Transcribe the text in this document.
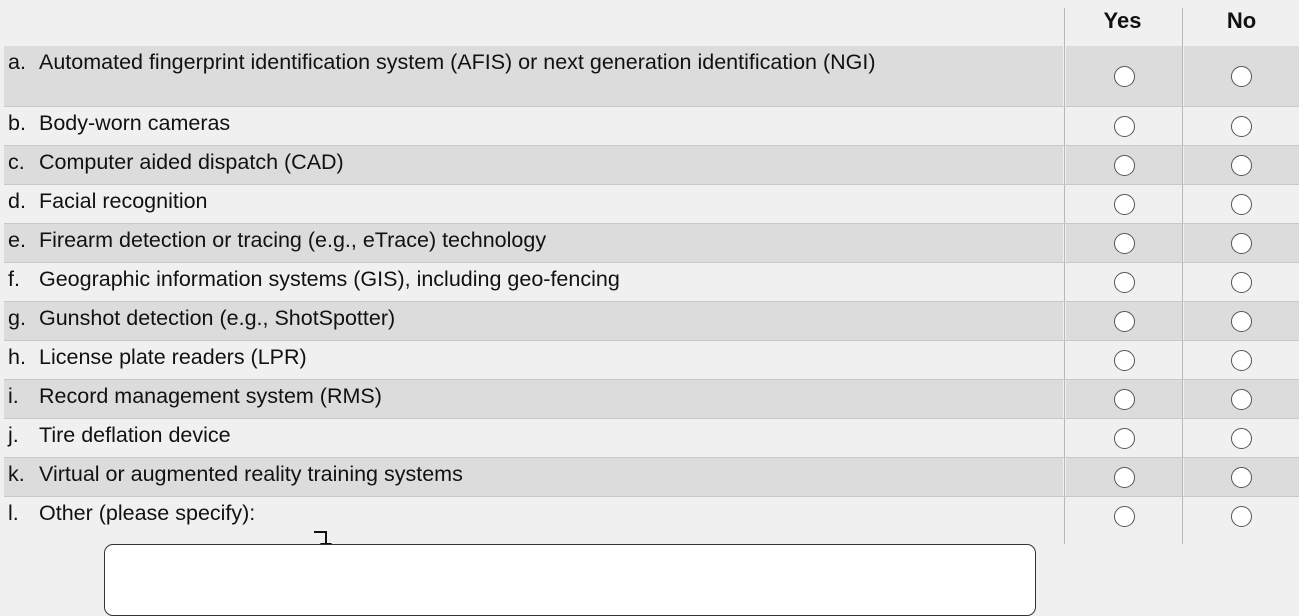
Yes	No
a. Automated fingerprint identification system (AFIS) or next generation identification (NGI)
b. Body-worn cameras
c. Computer aided dispatch (CAD)
d. Facial recognition
e. Firearm detection or tracing (e.g., eTrace) technology
f. Geographic information systems (GIS), including geo-fencing
g. Gunshot detection (e.g., ShotSpotter)
h. License plate readers (LPR)
i. Record management system (RMS)
j. Tire deflation device
k. Virtual or augmented reality training systems
l. Other (please specify):
